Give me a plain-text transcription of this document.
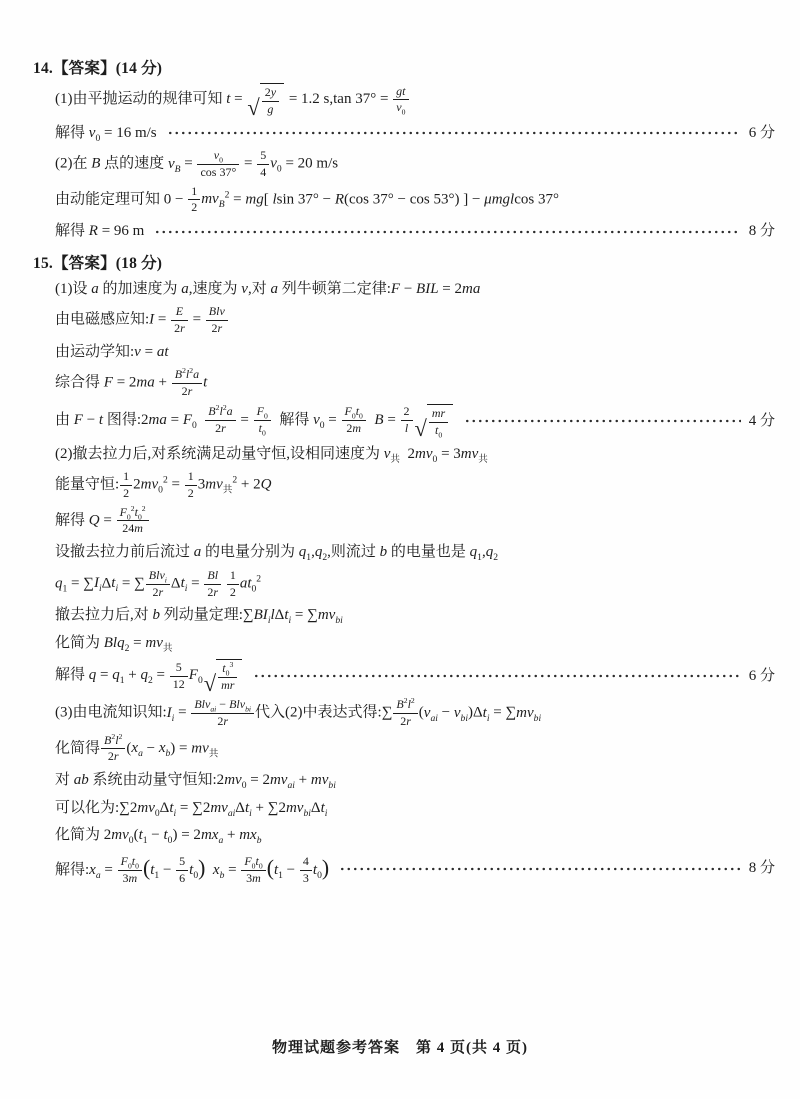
14.【答案】(14 分)
(1)由平抛运动的规律可知 t = √ $\frac{2y}{g} = 1.2$ s,tan $37^\circ = \frac{gt}{v_0}$
解得 $v_0 = 16$ m/s	6 分
(2)在 B 点的速度 $v_B = \frac{v_0}{\cos 37^\circ} = \frac{5}{4} v_0 = 20$ m/s
由动能定理可知 $0 - \frac{1}{2} mv_B^2 = mg$[ lsin 37° − R(cos 37° − cos 53°) ] − μmglcos 37°
解得 R = 96 m	8 分
15.【答案】(18 分)
(1)设 a 的加速度为 a,速度为 v,对 a 列牛顿第二定律:F − BIL = 2ma
由电磁感应知:I = $\frac{E}{2r} = \frac{\text{Blv}}{2r}$
由运动学知:v = at
综合得 $F = 2ma + \frac{B^2l^2a}{2r}$ t
由 F − t 图得:2ma = $F_0 \frac{B^2l^2a}{2r} = \frac{F_0}{t_0}$ 解得 $v_0 = \frac{F_0t_0}{2m}$ $B = \frac{2}{l}$ √ $\frac{mr}{t_0}$	4 分
(2)撤去拉力后,对系统满足动量守恒,设相同速度为 $v_共$  $2mv_0 = 3mv_共$
能量守恒: $\frac{1}{2} 2mv_0^2 = \frac{1}{2} 3mv_共^2 + 2Q$
解得 $Q = \frac{F_0^2t_0^2}{24m}$
设撤去拉力前后流过 a 的电量分别为 $q_1,q_2$,则流过 b 的电量也是 $q_1,q_2$
$q_1 = \sum I_i\Delta t_i$ = ∑ $\frac{Blv_i}{2r} \Delta t_i = \frac{Bl}{2r}$
$\frac{1}{2} at_0^2$
撤去拉力后,对 b 列动量定理$:\sum BI_il\Delta t_i = \sum mv_{bi}$
化简为 $Blq_2 = mv_共$
解得 $q = q_1 + q_2 = \frac{5}{12} F_0$ √ $\frac{t_0^3}{mr}$	6 分
(3)由电流知识知$:I_i = \frac{Blv_{ai} - Blv_{bi}}{2r}$ 代入(2)中表达式得:∑ $\frac{B^2l^2}{2r} (v_{ai} - v_{bi})\Delta t_i = \sum mv_{bi}$
化简得 $\frac{B^2l^2}{2r} (x_a - x_b) = mv_共$
对 ab 系统由动量守恒知$:2mv_0 = 2mv_{ai} + mv_{bi}$
可以化为$:\sum 2mv_0\Delta t_i = \sum 2mv_{ai}\Delta t_i + \sum 2mv_{bi}\Delta t_i$
化简为 $2mv_0(t_1 - t_0) = 2mx_a + mx_b$
解得$:x_a = \frac{F_0t_0}{3m} (t_1 - \frac{5}{6} t_0) x_b = \frac{F_0t_0}{3m} (t_1 - \frac{4}{3} t_0)$	8 分
物理试题参考答案　第 4 页(共 4 页)
